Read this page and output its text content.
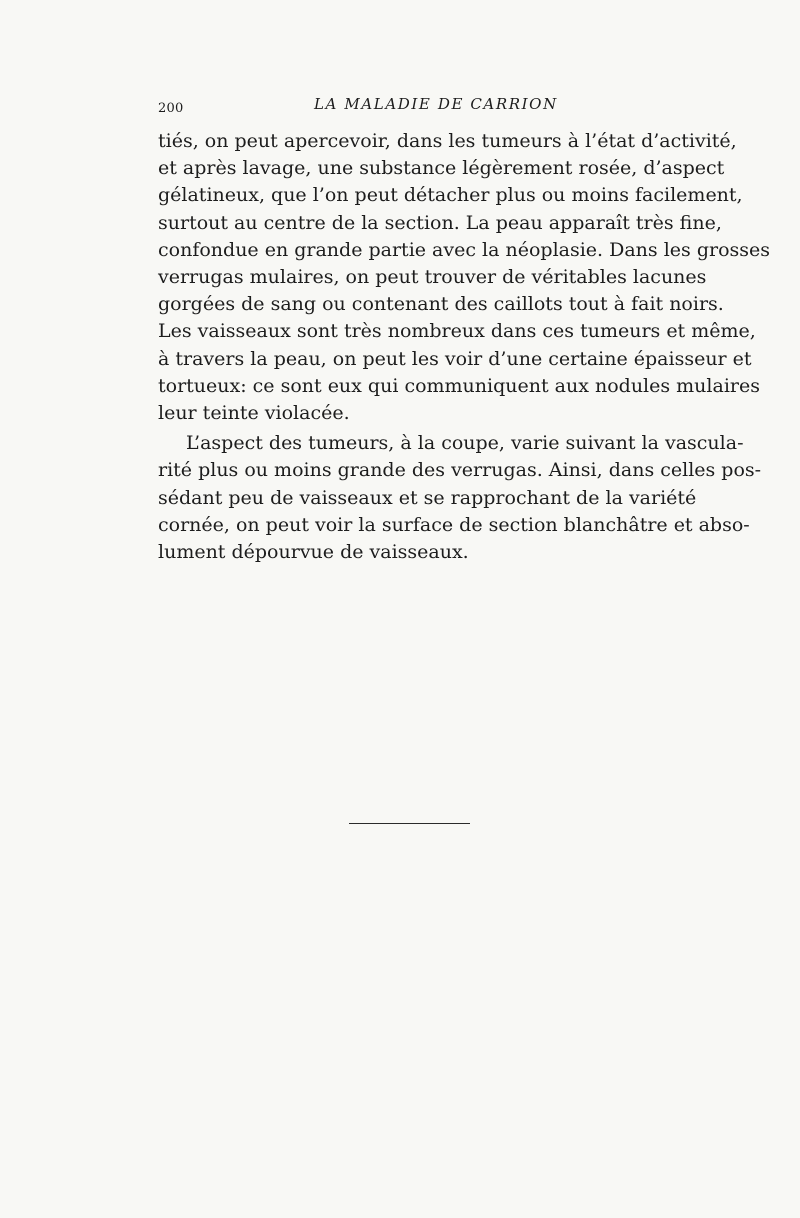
200	LA MALADIE DE CARRION
tiés, on peut apercevoir, dans les tumeurs à l’état d’activité,
et après lavage, une substance légèrement rosée, d’aspect
gélatineux, que l’on peut détacher plus ou moins facilement,
surtout au centre de la section. La peau apparaît très fine,
confondue en grande partie avec la néoplasie. Dans les grosses
verrugas mulaires, on peut trouver de véritables lacunes
gorgées de sang ou contenant des caillots tout à fait noirs.
Les vaisseaux sont très nombreux dans ces tumeurs et même,
à travers la peau, on peut les voir d’une certaine épaisseur et
tortueux: ce sont eux qui communiquent aux nodules mulaires
leur teinte violacée.
L’aspect des tumeurs, à la coupe, varie suivant la vascula-
rité plus ou moins grande des verrugas. Ainsi, dans celles pos-
sédant peu de vaisseaux et se rapprochant de la variété
cornée, on peut voir la surface de section blanchâtre et abso-
lument dépourvue de vaisseaux.
